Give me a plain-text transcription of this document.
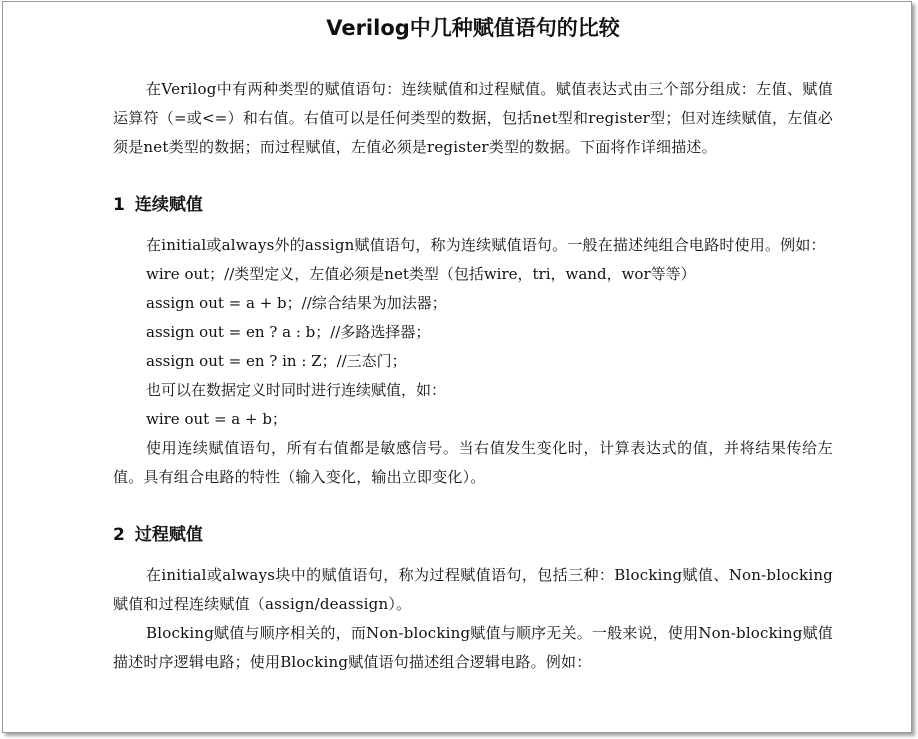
Verilog中几种赋值语句的比较

在Verilog中有两种类型的赋值语句：连续赋值和过程赋值。赋值表达式由三个部分组成：左值、赋值运算符（=或<=）和右值。右值可以是任何类型的数据，包括net型和register型；但对连续赋值，左值必须是net类型的数据；而过程赋值，左值必须是register类型的数据。下面将作详细描述。

1 连续赋值

在initial或always外的assign赋值语句，称为连续赋值语句。一般在描述纯组合电路时使用。例如：

wire out；//类型定义，左值必须是net类型（包括wire，tri，wand，wor等等）

assign out = a + b；//综合结果为加法器；

assign out = en ? a : b；//多路选择器；

assign out = en ? in : Z；//三态门；

也可以在数据定义时同时进行连续赋值，如：

wire out = a + b；

使用连续赋值语句，所有右值都是敏感信号。当右值发生变化时，计算表达式的值，并将结果传给左值。具有组合电路的特性（输入变化，输出立即变化）。

2 过程赋值

在initial或always块中的赋值语句，称为过程赋值语句，包括三种：Blocking赋值、Non-blocking赋值和过程连续赋值（assign/deassign）。

Blocking赋值与顺序相关的，而Non-blocking赋值与顺序无关。一般来说，使用Non-blocking赋值描述时序逻辑电路；使用Blocking赋值语句描述组合逻辑电路。例如：
